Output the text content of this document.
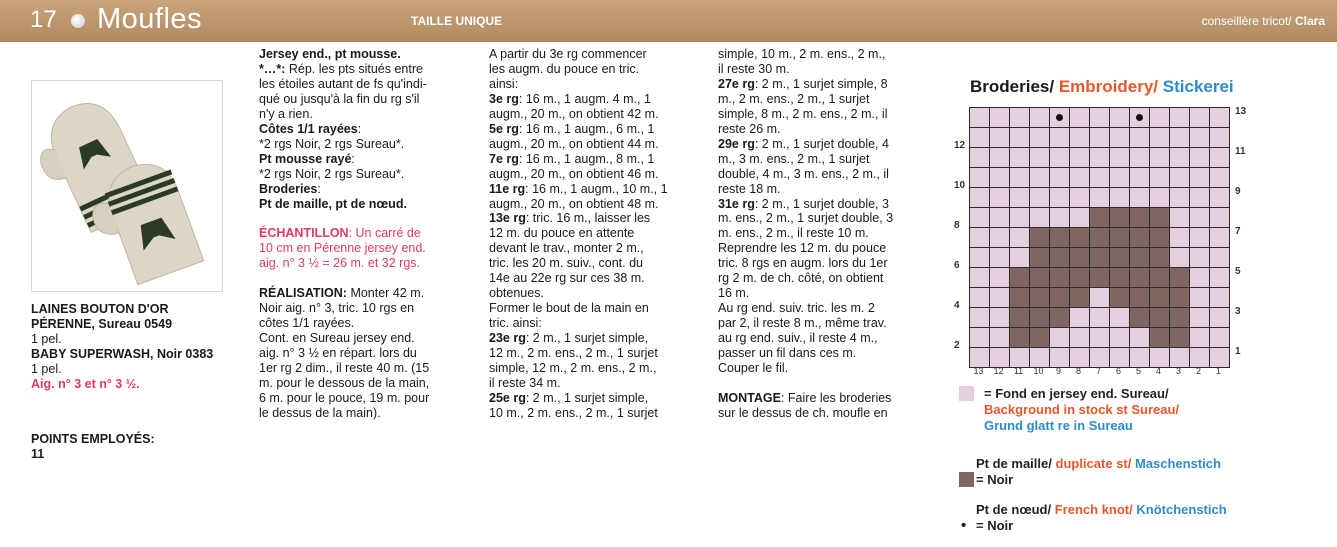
17 Moufles	TAILLE UNIQUE	conseillère tricot/ Clara
LAINES BOUTON D'OR PÉRENNE, Sureau 0549
1 pel.
BABY SUPERWASH, Noir 0383
1 pel.
Aig. n° 3 et n° 3 ½.
POINTS EMPLOYÉS:
11
Jersey end., pt mousse.
*…*: Rép. les pts situés entre
les étoiles autant de fs qu'indi-
qué ou jusqu'à la fin du rg s'il
n'y a rien.
Côtes 1/1 rayées:
*2 rgs Noir, 2 rgs Sureau*.
Pt mousse rayé:
*2 rgs Noir, 2 rgs Sureau*.
Broderies:
Pt de maille, pt de nœud.
ÉCHANTILLON: Un carré de
10 cm en Pérenne jersey end.
aig. n° 3 ½ = 26 m. et 32 rgs.
RÉALISATION: Monter 42 m.
Noir aig. n° 3, tric. 10 rgs en
côtes 1/1 rayées.
Cont. en Sureau jersey end.
aig. n° 3 ½ en répart. lors du
1er rg 2 dim., il reste 40 m. (15
m. pour le dessous de la main,
6 m. pour le pouce, 19 m. pour
le dessus de la main).
A partir du 3e rg commencer
les augm. du pouce en tric.
ainsi:
3e rg: 16 m., 1 augm. 4 m., 1
augm., 20 m., on obtient 42 m.
5e rg: 16 m., 1 augm., 6 m., 1
augm., 20 m., on obtient 44 m.
7e rg: 16 m., 1 augm., 8 m., 1
augm., 20 m., on obtient 46 m.
11e rg: 16 m., 1 augm., 10 m., 1
augm., 20 m., on obtient 48 m.
13e rg: tric. 16 m., laisser les
12 m. du pouce en attente
devant le trav., monter 2 m.,
tric. les 20 m. suiv., cont. du
14e au 22e rg sur ces 38 m.
obtenues.
Former le bout de la main en
tric. ainsi:
23e rg: 2 m., 1 surjet simple,
12 m., 2 m. ens., 2 m., 1 surjet
simple, 12 m., 2 m. ens., 2 m.,
il reste 34 m.
25e rg: 2 m., 1 surjet simple,
10 m., 2 m. ens., 2 m., 1 surjet
simple, 10 m., 2 m. ens., 2 m.,
il reste 30 m.
27e rg: 2 m., 1 surjet simple, 8
m., 2 m. ens., 2 m., 1 surjet
simple, 8 m., 2 m. ens., 2 m., il
reste 26 m.
29e rg: 2 m., 1 surjet double, 4
m., 3 m. ens., 2 m., 1 surjet
double, 4 m., 3 m. ens., 2 m., il
reste 18 m.
31e rg: 2 m., 1 surjet double, 3
m. ens., 2 m., 1 surjet double, 3
m. ens., 2 m., il reste 10 m.
Reprendre les 12 m. du pouce
tric. 8 rgs en augm. lors du 1er
rg 2 m. de ch. côté, on obtient
16 m.
Au rg end. suiv. tric. les m. 2
par 2, il reste 8 m., même trav.
au rg end. suiv., il reste 4 m.,
passer un fil dans ces m.
Couper le fil.
MONTAGE: Faire les broderies
sur le dessus de ch. moufle en
Broderies/ Embroidery/ Stickerei
13
11
9
7
5
3
1
12
10
8
6
4
2
13 12 11 10	9	8	7	6	5	4	3	2	1
= Fond en jersey end. Sureau/
Background in stock st Sureau/
Grund glatt re in Sureau
Pt de maille/ duplicate st/ Maschenstich
= Noir
Pt de nœud/ French knot/ Knötchenstich
• = Noir
